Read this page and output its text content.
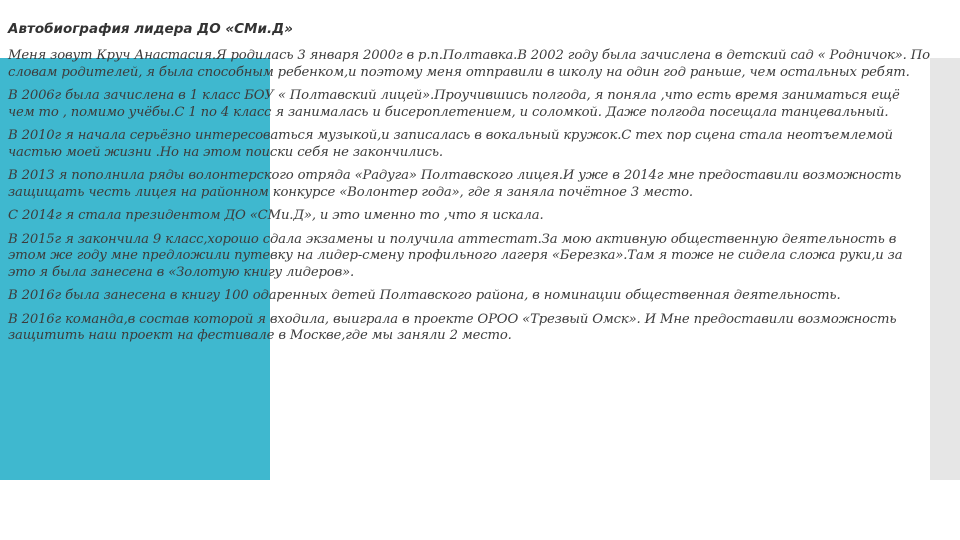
Автобиография лидера ДО «СМи.Д»

Меня зовут Круч Анастасия.Я родилась 3 января 2000г в р.п.Полтавка.В 2002 году была зачислена в детский сад « Родничок». По словам родителей, я была способным ребенком,и поэтому меня отправили в школу на один год раньше, чем остальных ребят.

В 2006г была зачислена в 1 класс БОУ « Полтавский лицей».Проучившись полгода, я поняла ,что есть время заниматься ещё чем то , помимо учёбы.С 1 по 4 класс я занималась и бисероплетением, и соломкой. Даже полгода посещала танцевальный.

В 2010г я начала серьёзно интересоваться музыкой,и записалась в вокальный кружок.С тех пор сцена стала неотъемлемой частью моей жизни .Но на этом поиски себя не закончились.

В 2013 я пополнила ряды волонтерского отряда «Радуга» Полтавского лицея.И уже в 2014г мне предоставили возможность защищать честь лицея на районном конкурсе «Волонтер года», где я заняла почётное 3 место.

С 2014г я стала президентом ДО «СМи.Д», и это именно то ,что я искала.

В 2015г я закончила 9 класс,хорошо сдала экзамены и получила аттестат.За мою активную общественную деятельность в этом же году мне предложили путевку на лидер-смену профильного лагеря «Березка».Там я тоже не сидела сложа руки,и за это я была занесена в «Золотую книгу лидеров».

В 2016г была занесена в книгу 100 одаренных детей Полтавского района, в номинации общественная деятельность.

В 2016г команда,в состав которой я входила, выиграла в проекте ОРОО «Трезвый Омск». И Мне предоставили возможность защитить наш проект на фестивале в Москве,где мы заняли 2 место.
